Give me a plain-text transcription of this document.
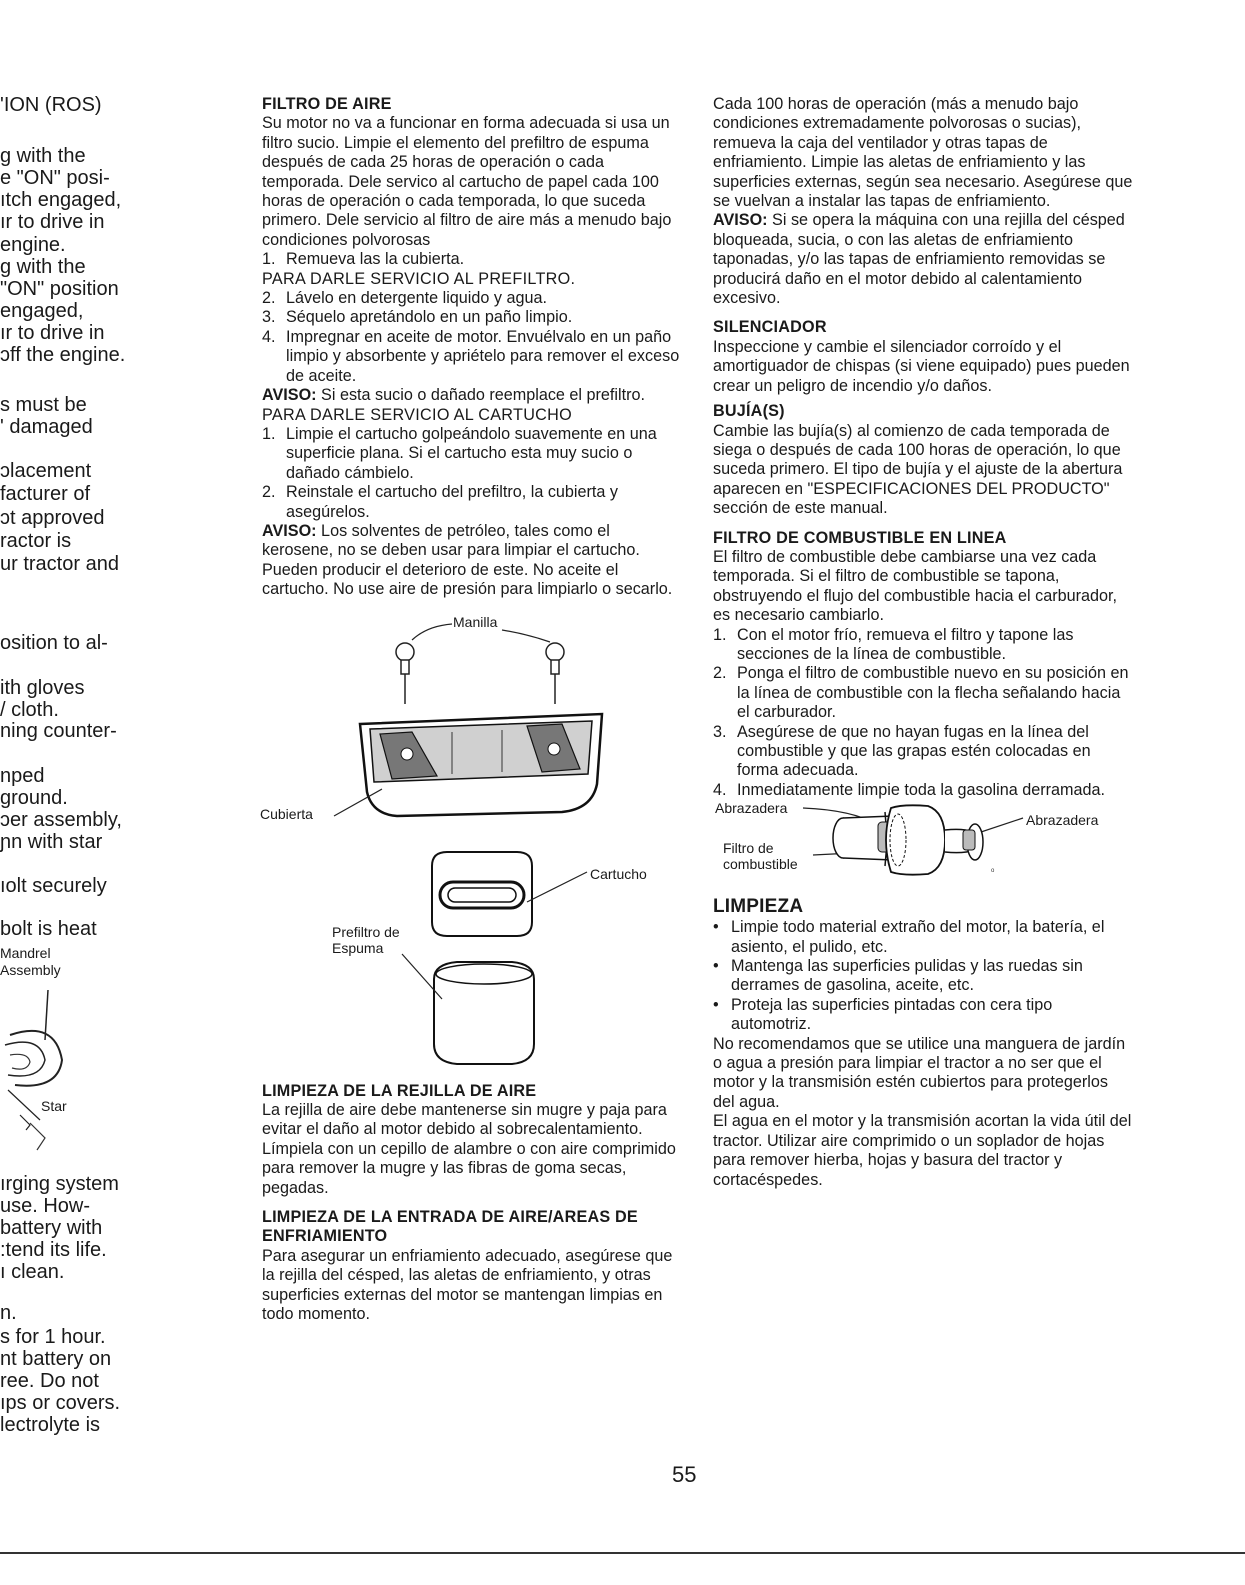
'ION (ROS)
g with the
e "ON" posi-
ıtch engaged,
ır to drive in
engine.
g with the
"ON" position
engaged,
ır to drive in
ɔff the engine.
s must be
' damaged
ɔlacement
facturer of
ɔt approved
ractor is
ur tractor and
osition to al-
ith gloves
/ cloth.
ning counter-
nped
ground.
ɔer assembly,
ɲn with star
ıolt securely
bolt is heat
Mandrel
Assembly
Star
ırging system
use. How-
battery with
:tend its life.
ı clean.
n.
s for 1 hour.
nt battery on
ree. Do not
ıps or covers.
lectrolyte is
FILTRO DE AIRE

Su motor no va a funcionar en forma adecuada si usa un filtro sucio. Limpie el elemento del prefiltro de espuma después de cada 25 horas de operación o cada temporada. Dele servico al cartucho de papel cada 100 horas de operación o cada temporada, lo que suceda primero. Dele servicio al filtro de aire más a menudo bajo condiciones polvorosas

1. Remueva las la cubierta.

PARA DARLE SERVICIO AL PREFILTRO.

2. Lávelo en detergente liquido y agua.
3. Séquelo apretándolo en un paño limpio.
4. Impregnar en aceite de motor. Envuélvalo en un paño limpio y absorbente y apriételo para remover el exceso de aceite.

AVISO: Si esta sucio o dañado reemplace el prefiltro.

PARA DARLE SERVICIO AL CARTUCHO

1. Limpie el cartucho golpeándolo suavemente en una superficie plana. Si el cartucho esta muy sucio o dañado cámbielo.
2. Reinstale el cartucho del prefiltro, la cubierta y asegúrelos.

AVISO: Los solventes de petróleo, tales como el kerosene, no se deben usar para limpiar el cartucho. Pueden producir el deterioro de este. No aceite el cartucho. No use aire de presión para limpiarlo o secarlo.

Manilla
Cubierta
Cartucho
Prefiltro de
Espuma
LIMPIEZA DE LA REJILLA DE AIRE

La rejilla de aire debe mantenerse sin mugre y paja para evitar el daño al motor debido al sobrecalentamiento. Límpiela con un cepillo de alambre o con aire comprimido para remover la mugre y las fibras de goma secas, pegadas.

LIMPIEZA DE LA ENTRADA DE AIRE/AREAS DE ENFRIAMIENTO

Para asegurar un enfriamiento adecuado, asegúrese que la rejilla del césped, las aletas de enfriamiento, y otras superficies externas del motor se mantengan limpias en todo momento.

Cada 100 horas de operación (más a menudo bajo condiciones extremadamente polvorosas o sucias), remueva la caja del ventilador y otras tapas de enfriamiento. Limpie las aletas de enfriamiento y las superficies externas, según sea necesario. Asegúrese que se vuelvan a instalar las tapas de enfriamiento.

AVISO: Si se opera la máquina con una rejilla del césped bloqueada, sucia, o con las aletas de enfriamiento taponadas, y/o las tapas de enfriamiento removidas se producirá daño en el motor debido al calentamiento excesivo.

SILENCIADOR

Inspeccione y cambie el silenciador corroído y el amortiguador de chispas (si viene equipado) pues pueden crear un peligro de incendio y/o daños.

BUJÍA(S)

Cambie las bujía(s) al comienzo de cada temporada de siega o después de cada 100 horas de operación, lo que suceda primero. El tipo de bujía y el ajuste de la abertura aparecen en "ESPECIFICACIONES DEL PRODUCTO" sección de este manual.

FILTRO DE COMBUSTIBLE EN LINEA

El filtro de combustible debe cambiarse una vez cada temporada. Si el filtro de combustible se tapona, obstruyendo el flujo del combustible hacia el carburador, es necesario cambiarlo.

1. Con el motor frío, remueva el filtro y tapone las secciones de la línea de combustible.
2. Ponga el filtro de combustible nuevo en su posición en la línea de combustible con la flecha señalando hacia el carburador.
3. Asegúrese de que no hayan fugas en la línea del combustible y que las grapas estén colocadas en forma adecuada.
4. Inmediatamente limpie toda la gasolina derramada.
ᴏ
Abrazadera
Abrazadera
Filtro de
combustible
LIMPIEZA
• Limpie todo material extraño del motor, la batería, el asiento, el pulido, etc.
• Mantenga las superficies pulidas y las ruedas sin derrames de gasolina, aceite, etc.
• Proteja las superficies pintadas con cera tipo automotriz.

No recomendamos que se utilice una manguera de jardín o agua a presión para limpiar el tractor a no ser que el motor y la transmisión estén cubiertos para protegerlos del agua.

El agua en el motor y la transmisión acortan la vida útil del tractor. Utilizar aire comprimido o un soplador de hojas para remover hierba, hojas y basura del tractor y cortacéspedes.

55
